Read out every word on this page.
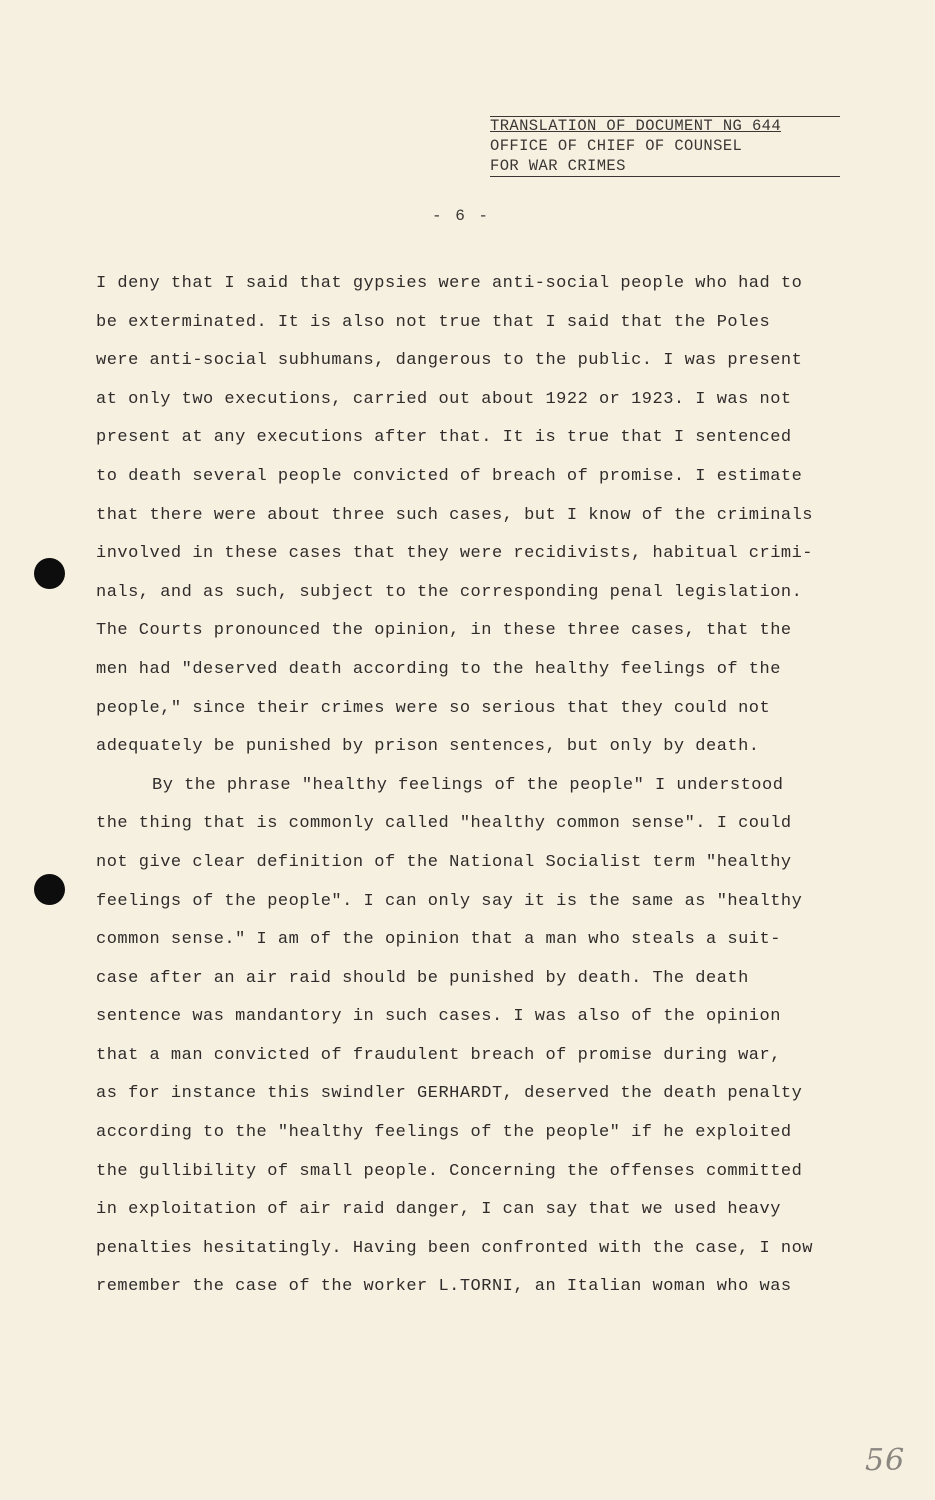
TRANSLATION OF DOCUMENT NG 644
OFFICE OF CHIEF OF COUNSEL
FOR WAR CRIMES
- 6 -
I deny that I said that gypsies were anti-social people who had to
be exterminated. It is also not true that I said that the Poles
were anti-social subhumans, dangerous to the public. I was present
at only two executions, carried out about 1922 or 1923. I was not
present at any executions after that. It is true that I sentenced
to death several people convicted of breach of promise. I estimate
that there were about three such cases, but I know of the criminals
involved in these cases that they were recidivists, habitual crimi-
nals, and as such, subject to the corresponding penal legislation.
The Courts pronounced the opinion, in these three cases, that the
men had "deserved death according to the healthy feelings of the
people," since their crimes were so serious that they could not
adequately be punished by prison sentences, but only by death.
By the phrase "healthy feelings of the people" I understood
the thing that is commonly called "healthy common sense". I could
not give clear definition of the National Socialist term "healthy
feelings of the people". I can only say it is the same as "healthy
common sense." I am of the opinion that a man who steals a suit-
case after an air raid should be punished by death. The death
sentence was mandantory in such cases. I was also of the opinion
that a man convicted of fraudulent breach of promise during war,
as for instance this swindler GERHARDT, deserved the death penalty
according to the "healthy feelings of the people" if he exploited
the gullibility of small people. Concerning the offenses committed
in exploitation of air raid danger, I can say that we used heavy
penalties hesitatingly. Having been confronted with the case, I now
remember the case of the worker L.TORNI, an Italian woman who was
56
